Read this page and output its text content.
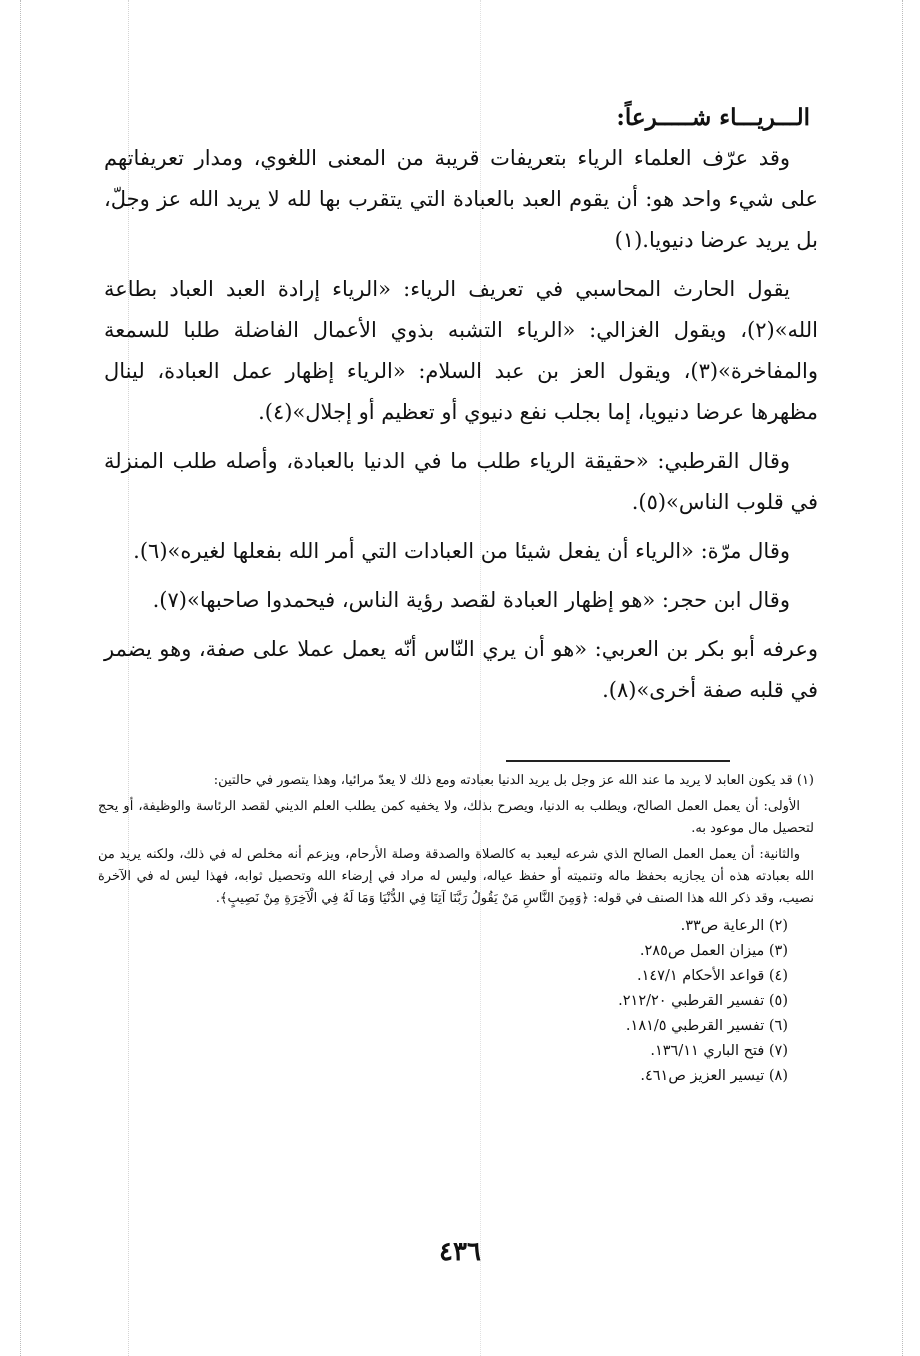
الـــريـــاء شـــــرعاً:

وقد عرّف العلماء الرياء بتعريفات قريبة من المعنى اللغوي، ومدار تعريفاتهم على شيء واحد هو: أن يقوم العبد بالعبادة التي يتقرب بها لله لا يريد الله عز وجلّ، بل يريد عرضا دنيويا.(١)

يقول الحارث المحاسبي في تعريف الرياء: «الرياء إرادة العبد العباد بطاعة الله»(٢)، ويقول الغزالي: «الرياء التشبه بذوي الأعمال الفاضلة طلبا للسمعة والمفاخرة»(٣)، ويقول العز بن عبد السلام: «الرياء إظهار عمل العبادة، لينال مظهرها عرضا دنيويا، إما بجلب نفع دنيوي أو تعظيم أو إجلال»(٤).

وقال القرطبي: «حقيقة الرياء طلب ما في الدنيا بالعبادة، وأصله طلب المنزلة في قلوب الناس»(٥).

وقال مرّة: «الرياء أن يفعل شيئا من العبادات التي أمر الله بفعلها لغيره»(٦).

وقال ابن حجر: «هو إظهار العبادة لقصد رؤية الناس، فيحمدوا صاحبها»(٧).

وعرفه أبو بكر بن العربي: «هو أن يري النّاس أنّه يعمل عملا على صفة، وهو يضمر في قلبه صفة أخرى»(٨).

(١) قد يكون العابد لا يريد ما عند الله عز وجل بل يريد الدنيا بعبادته ومع ذلك لا يعدّ مرائيا، وهذا يتصور في حالتين:

الأولى: أن يعمل العمل الصالح، ويطلب به الدنيا، ويصرح بذلك، ولا يخفيه كمن يطلب العلم الديني لقصد الرئاسة والوظيفة، أو يحج لتحصيل مال موعود به.

والثانية: أن يعمل العمل الصالح الذي شرعه ليعبد به كالصلاة والصدقة وصلة الأرحام، ويزعم أنه مخلص له في ذلك، ولكنه يريد من الله بعبادته هذه أن يجازيه بحفظ ماله وتنميته أو حفظ عياله، وليس له مراد في إرضاء الله وتحصيل ثوابه، فهذا ليس له في الآخرة نصيب، وقد ذكر الله هذا الصنف في قوله: ﴿وَمِنَ النَّاسِ مَنْ يَقُولُ رَبَّنَا آتِنَا فِي الدُّنْيَا وَمَا لَهُ فِي الْآخِرَةِ مِنْ نَصِيبٍ﴾.

(٢) الرعاية ص٣٣.
(٣) ميزان العمل ص٢٨٥.
(٤) قواعد الأحكام ١٤٧/١.
(٥) تفسير القرطبي ٢١٢/٢٠.
(٦) تفسير القرطبي ١٨١/٥.
(٧) فتح الباري ١٣٦/١١.
(٨) تيسير العزيز ص٤٦١.
٤٣٦
